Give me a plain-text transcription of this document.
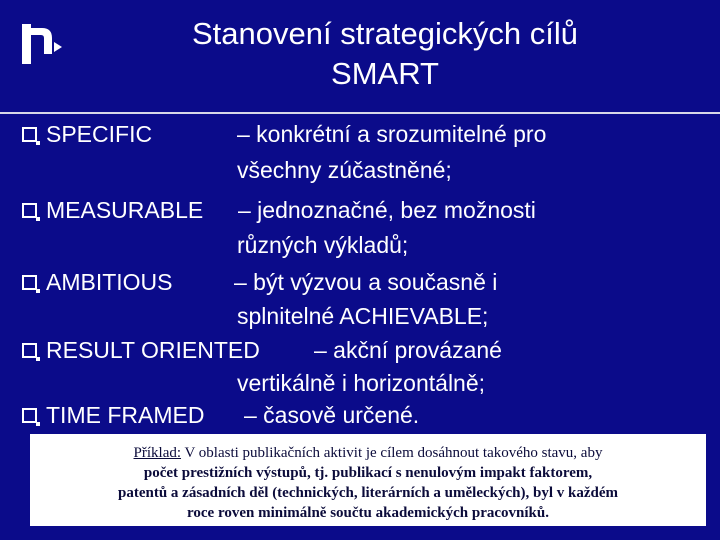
Stanovení strategických cílů
SMART
SPECIFIC	– konkrétní a srozumitelné pro
všechny zúčastněné;
MEASURABLE – jednoznačné, bez možnosti
různých výkladů;
AMBITIOUS	– být výzvou a současně i
splnitelné ACHIEVABLE;
RESULT ORIENTED – akční provázané
vertikálně i horizontálně;
TIME FRAMED – časově určené.
Příklad: V oblasti publikačních aktivit je cílem dosáhnout takového stavu, aby
počet prestižních výstupů, tj. publikací s nenulovým impakt faktorem,
patentů a zásadních děl (technických, literárních a uměleckých), byl v každém
roce roven minimálně součtu akademických pracovníků.
